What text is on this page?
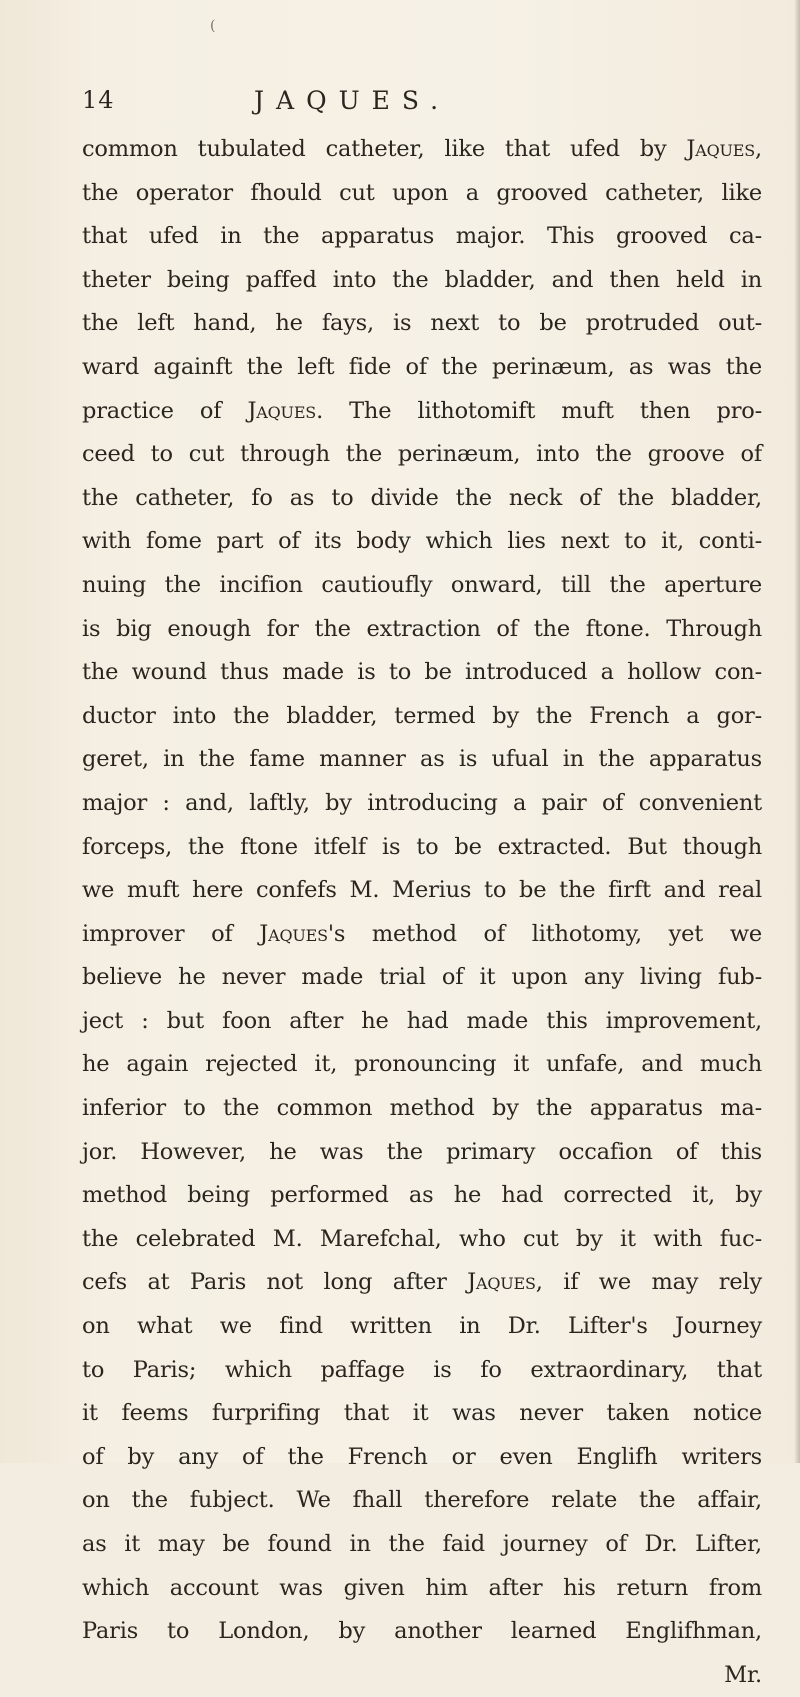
(
14	JAQUES.
common tubulated catheter, like that ufed by Jaques,
the operator fhould cut upon a grooved catheter, like
that ufed in the apparatus major. This grooved ca-
theter being paffed into the bladder, and then held in
the left hand, he fays, is next to be protruded out-
ward againft the left fide of the perinæum, as was the
practice of Jaques. The lithotomift muft then pro-
ceed to cut through the perinæum, into the groove of
the catheter, fo as to divide the neck of the bladder,
with fome part of its body which lies next to it, conti-
nuing the incifion cautioufly onward, till the aperture
is big enough for the extraction of the ftone. Through
the wound thus made is to be introduced a hollow con-
ductor into the bladder, termed by the French a gor-
geret, in the fame manner as is ufual in the apparatus
major : and, laftly, by introducing a pair of convenient
forceps, the ftone itfelf is to be extracted. But though
we muft here confefs M. Merius to be the firft and real
improver of Jaques's method of lithotomy, yet we
believe he never made trial of it upon any living fub-
ject : but foon after he had made this improvement,
he again rejected it, pronouncing it unfafe, and much
inferior to the common method by the apparatus ma-
jor. However, he was the primary occafion of this
method being performed as he had corrected it, by
the celebrated M. Marefchal, who cut by it with fuc-
cefs at Paris not long after Jaques, if we may rely
on what we find written in Dr. Lifter's Journey
to Paris; which paffage is fo extraordinary, that
it feems furprifing that it was never taken notice
of by any of the French or even Englifh writers
on the fubject. We fhall therefore relate the affair,
as it may be found in the faid journey of Dr. Lifter,
which account was given him after his return from
Paris to London, by another learned Englifhman,
Mr.
